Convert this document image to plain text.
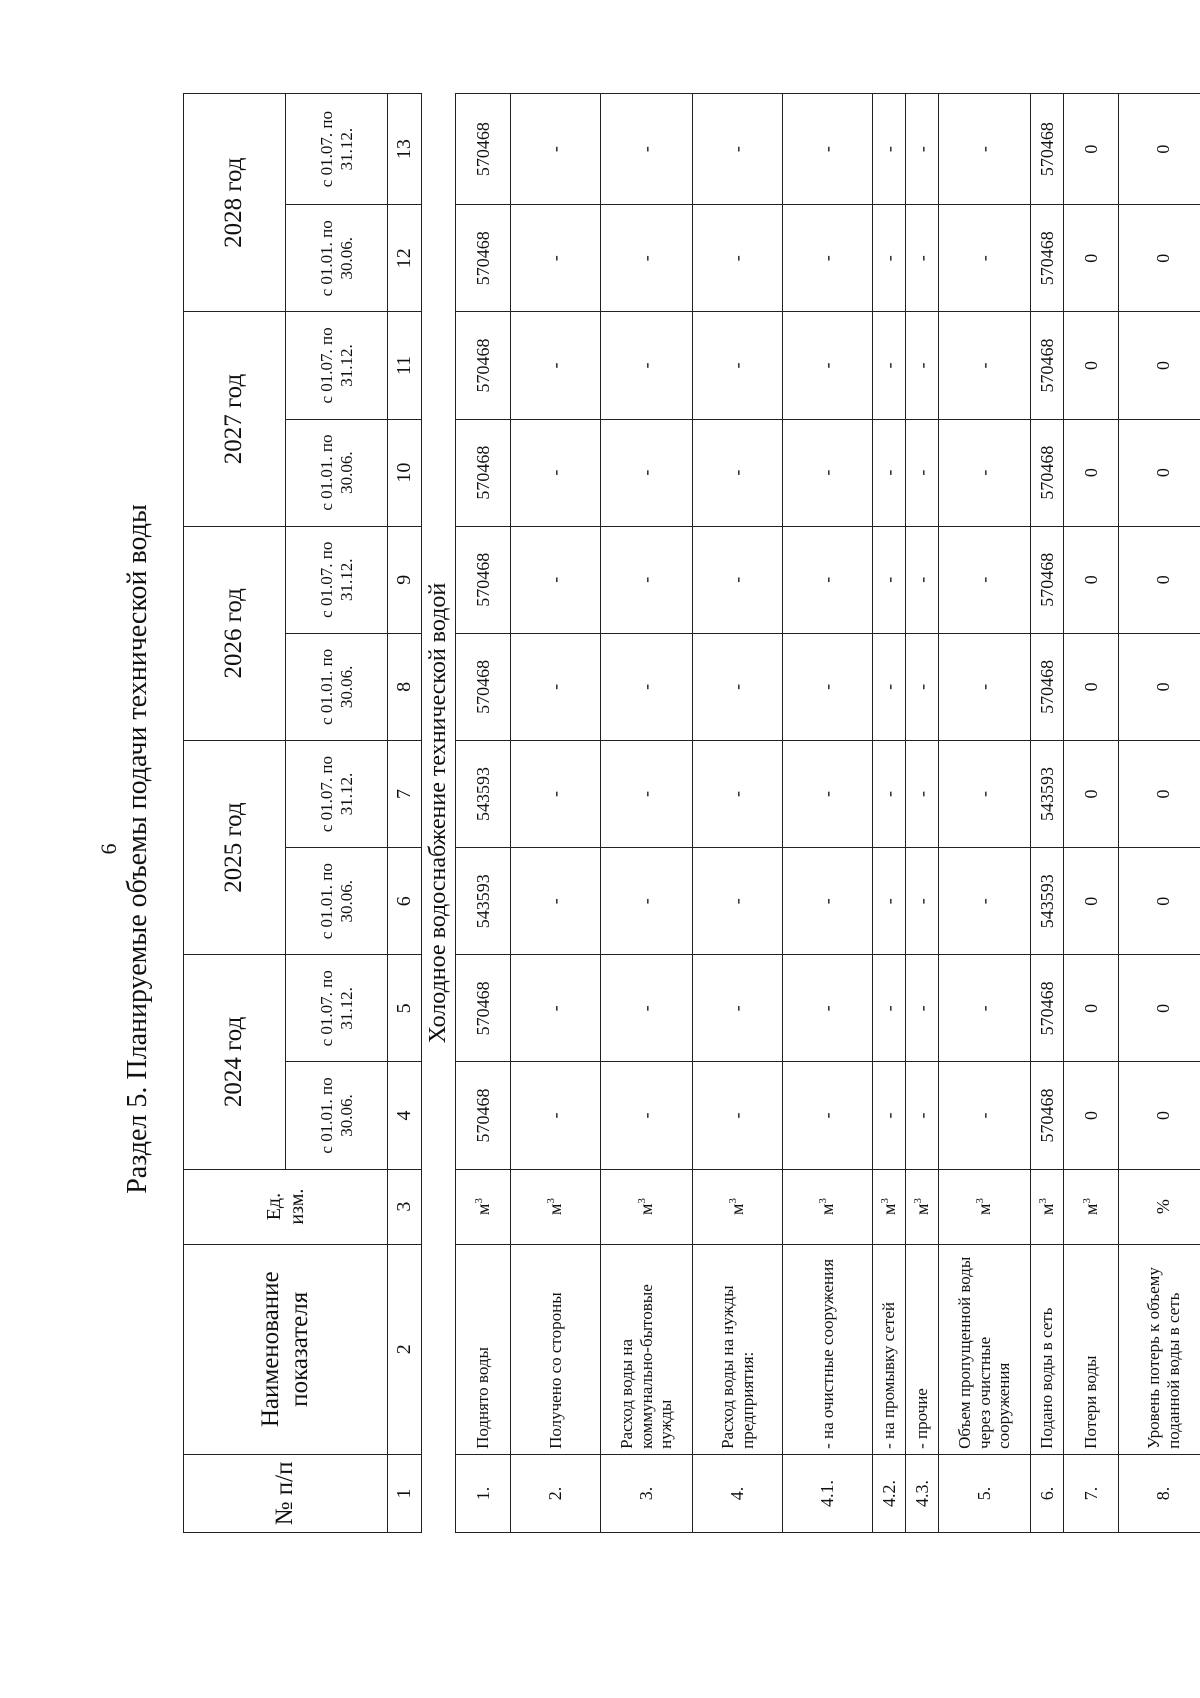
6 Раздел 5. Планируемые объемы подачи технической воды
№ п/п	Наименование показателя	Ед. изм.	2024 год		2025 год		2026 год		2027 год		2028 год	
			с 01.01. по 30.06.	с 01.07. по 31.12.	с 01.01. по 30.06.	с 01.07. по 31.12.	с 01.01. по 30.06.	с 01.07. по 31.12.	с 01.01. по 30.06.	с 01.07. по 31.12.	с 01.01. по 30.06.	с 01.07. по 31.12.
1	2	3	4	5	6	7	8	9	10	11	12	13
Холодное водоснабжение технической водой												
1.	Поднято воды	$м^3$	570468	570468	543593	543593	570468	570468	570468	570468	570468	570468
2.	Получено со стороны	$м^3$	-	-	-	-	-	-	-	-	-	-
3.	Расход воды на коммунально-бытовые нужды	$м^3$	-	-	-	-	-	-	-	-	-	-
4.	Расход воды на нужды предприятия:	$м^3$	-	-	-	-	-	-	-	-	-	-
4.1.	- на очистные сооружения	$м^3$	-	-	-	-	-	-	-	-	-	-
4.2.	- на промывку сетей	$м^3$	-	-	-	-	-	-	-	-	-	-
4.3.	- прочие	$м^3$	-	-	-	-	-	-	-	-	-	-
5.	Объем пропущенной воды через очистные сооружения	$м^3$	-	-	-	-	-	-	-	-	-	-
6.	Подано воды в сеть	$м^3$	570468	570468	543593	543593	570468	570468	570468	570468	570468	570468
7.	Потери воды	$м^3$	0	0	0	0	0	0	0	0	0	0
8.	Уровень потерь к объему поданной воды в сеть	%	0	0	0	0	0	0	0	0	0	0
